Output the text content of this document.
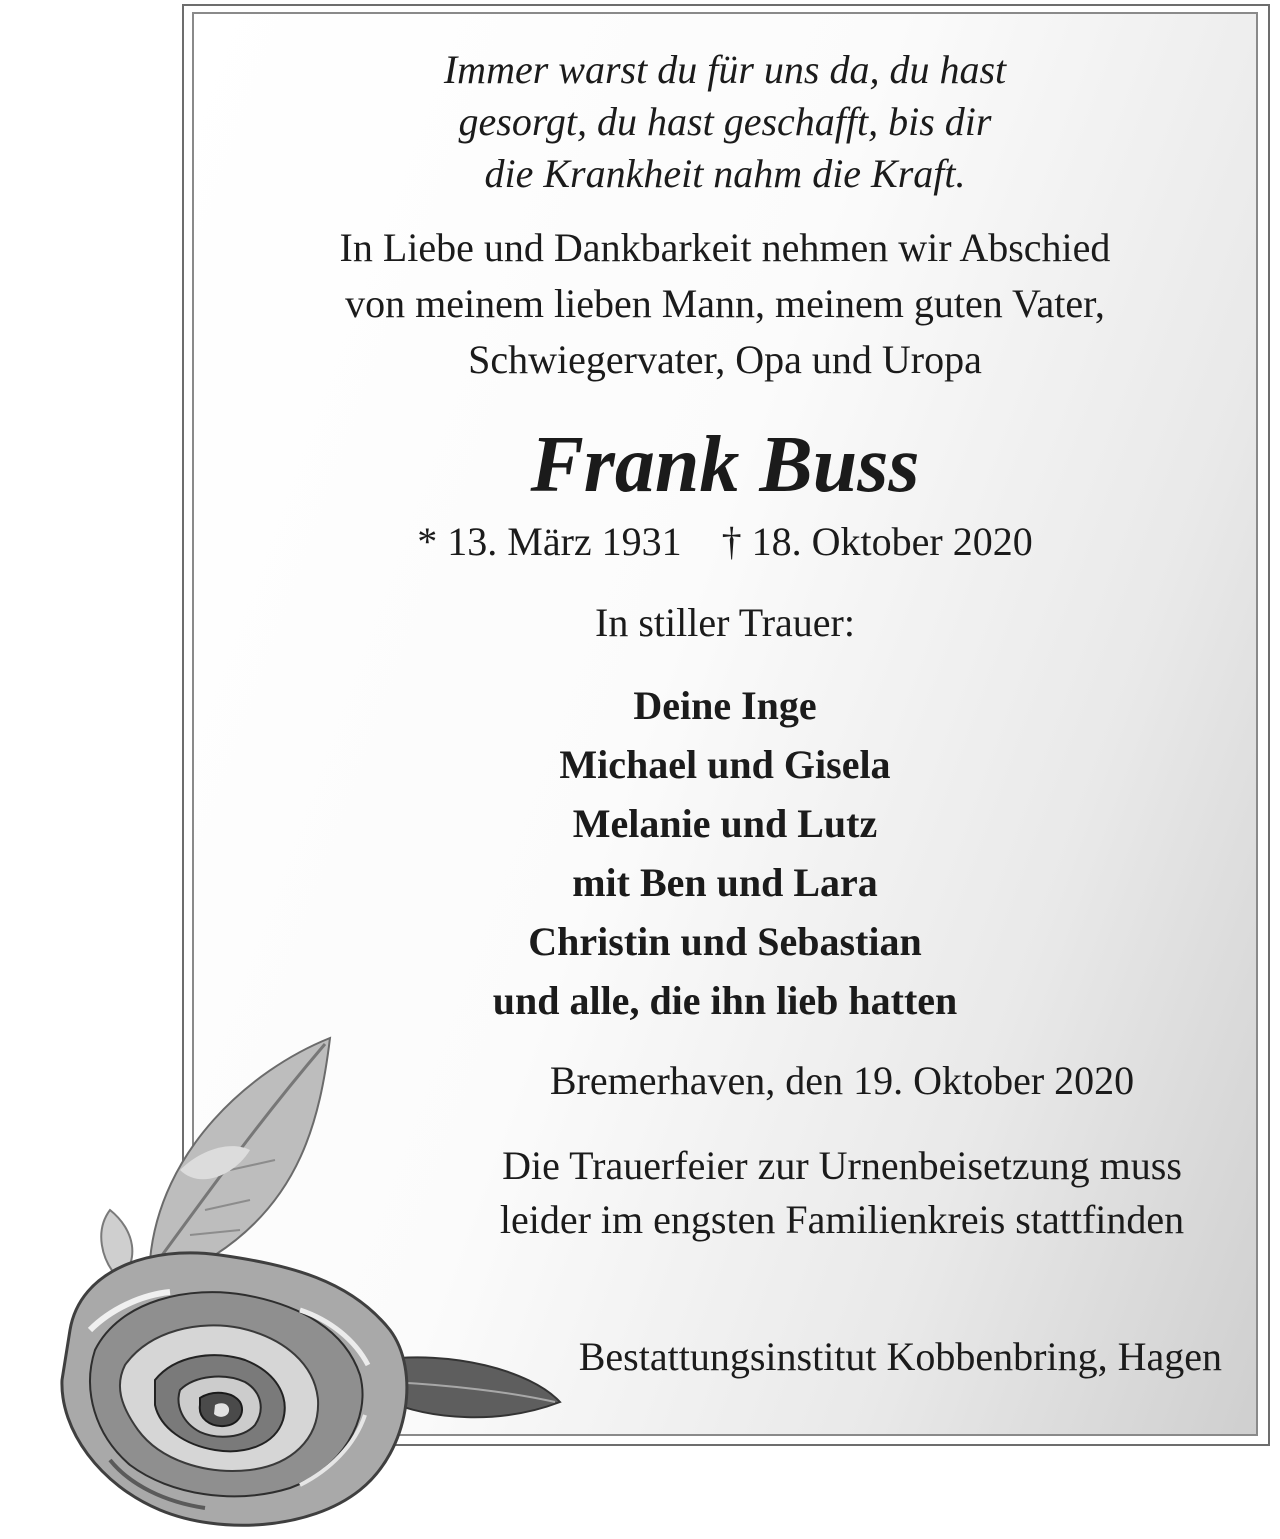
Immer warst du für uns da, du hast
gesorgt, du hast geschafft, bis dir
die Krankheit nahm die Kraft.
In Liebe und Dankbarkeit nehmen wir Abschied
von meinem lieben Mann, meinem guten Vater,
Schwiegervater, Opa und Uropa
Frank Buss
* 13. März 1931 † 18. Oktober 2020
In stiller Trauer:
Deine Inge
Michael und Gisela
Melanie und Lutz
mit Ben und Lara
Christin und Sebastian
und alle, die ihn lieb hatten
Bremerhaven, den 19. Oktober 2020
Die Trauerfeier zur Urnenbeisetzung muss
leider im engsten Familienkreis stattfinden
Bestattungsinstitut Kobbenbring, Hagen
